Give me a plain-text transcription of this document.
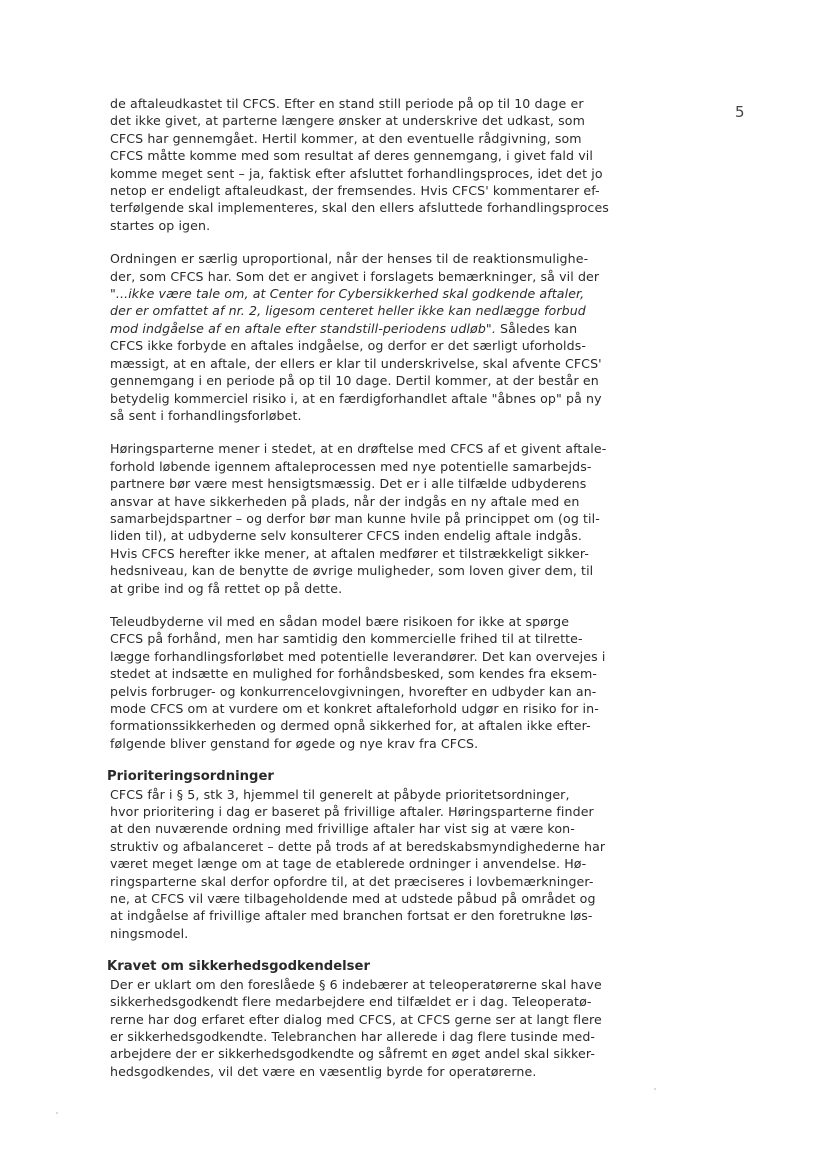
5
de aftaleudkastet til CFCS. Efter en stand still periode på op til 10 dage er
det ikke givet, at parterne længere ønsker at underskrive det udkast, som
CFCS har gennemgået. Hertil kommer, at den eventuelle rådgivning, som
CFCS måtte komme med som resultat af deres gennemgang, i givet fald vil
komme meget sent – ja, faktisk efter afsluttet forhandlingsproces, idet det jo
netop er endeligt aftaleudkast, der fremsendes. Hvis CFCS' kommentarer ef-
terfølgende skal implementeres, skal den ellers afsluttede forhandlingsproces
startes op igen.
Ordningen er særlig uproportional, når der henses til de reaktionsmulighe-
der, som CFCS har. Som det er angivet i forslagets bemærkninger, så vil der
"...ikke være tale om, at Center for Cybersikkerhed skal godkende aftaler,
der er omfattet af nr. 2, ligesom centeret heller ikke kan nedlægge forbud
mod indgåelse af en aftale efter standstill-periodens udløb". Således kan
CFCS ikke forbyde en aftales indgåelse, og derfor er det særligt uforholds-
mæssigt, at en aftale, der ellers er klar til underskrivelse, skal afvente CFCS'
gennemgang i en periode på op til 10 dage. Dertil kommer, at der består en
betydelig kommerciel risiko i, at en færdigforhandlet aftale "åbnes op" på ny
så sent i forhandlingsforløbet.
Høringsparterne mener i stedet, at en drøftelse med CFCS af et givent aftale-
forhold løbende igennem aftaleprocessen med nye potentielle samarbejds-
partnere bør være mest hensigtsmæssig. Det er i alle tilfælde udbyderens
ansvar at have sikkerheden på plads, når der indgås en ny aftale med en
samarbejdspartner – og derfor bør man kunne hvile på princippet om (og til-
liden til), at udbyderne selv konsulterer CFCS inden endelig aftale indgås.
Hvis CFCS herefter ikke mener, at aftalen medfører et tilstrækkeligt sikker-
hedsniveau, kan de benytte de øvrige muligheder, som loven giver dem, til
at gribe ind og få rettet op på dette.
Teleudbyderne vil med en sådan model bære risikoen for ikke at spørge
CFCS på forhånd, men har samtidig den kommercielle frihed til at tilrette-
lægge forhandlingsforløbet med potentielle leverandører. Det kan overvejes i
stedet at indsætte en mulighed for forhåndsbesked, som kendes fra eksem-
pelvis forbruger- og konkurrencelovgivningen, hvorefter en udbyder kan an-
mode CFCS om at vurdere om et konkret aftaleforhold udgør en risiko for in-
formationssikkerheden og dermed opnå sikkerhed for, at aftalen ikke efter-
følgende bliver genstand for øgede og nye krav fra CFCS.
Prioriteringsordninger
CFCS får i § 5, stk 3, hjemmel til generelt at påbyde prioritetsordninger,
hvor prioritering i dag er baseret på frivillige aftaler. Høringsparterne finder
at den nuværende ordning med frivillige aftaler har vist sig at være kon-
struktiv og afbalanceret – dette på trods af at beredskabsmyndighederne har
været meget længe om at tage de etablerede ordninger i anvendelse. Hø-
ringsparterne skal derfor opfordre til, at det præciseres i lovbemærkninger-
ne, at CFCS vil være tilbageholdende med at udstede påbud på området og
at indgåelse af frivillige aftaler med branchen fortsat er den foretrukne løs-
ningsmodel.
Kravet om sikkerhedsgodkendelser
Der er uklart om den foreslåede § 6 indebærer at teleoperatørerne skal have
sikkerhedsgodkendt flere medarbejdere end tilfældet er i dag. Teleoperatø-
rerne har dog erfaret efter dialog med CFCS, at CFCS gerne ser at langt flere
er sikkerhedsgodkendte. Telebranchen har allerede i dag flere tusinde med-
arbejdere der er sikkerhedsgodkendte og såfremt en øget andel skal sikker-
hedsgodkendes, vil det være en væsentlig byrde for operatørerne.
